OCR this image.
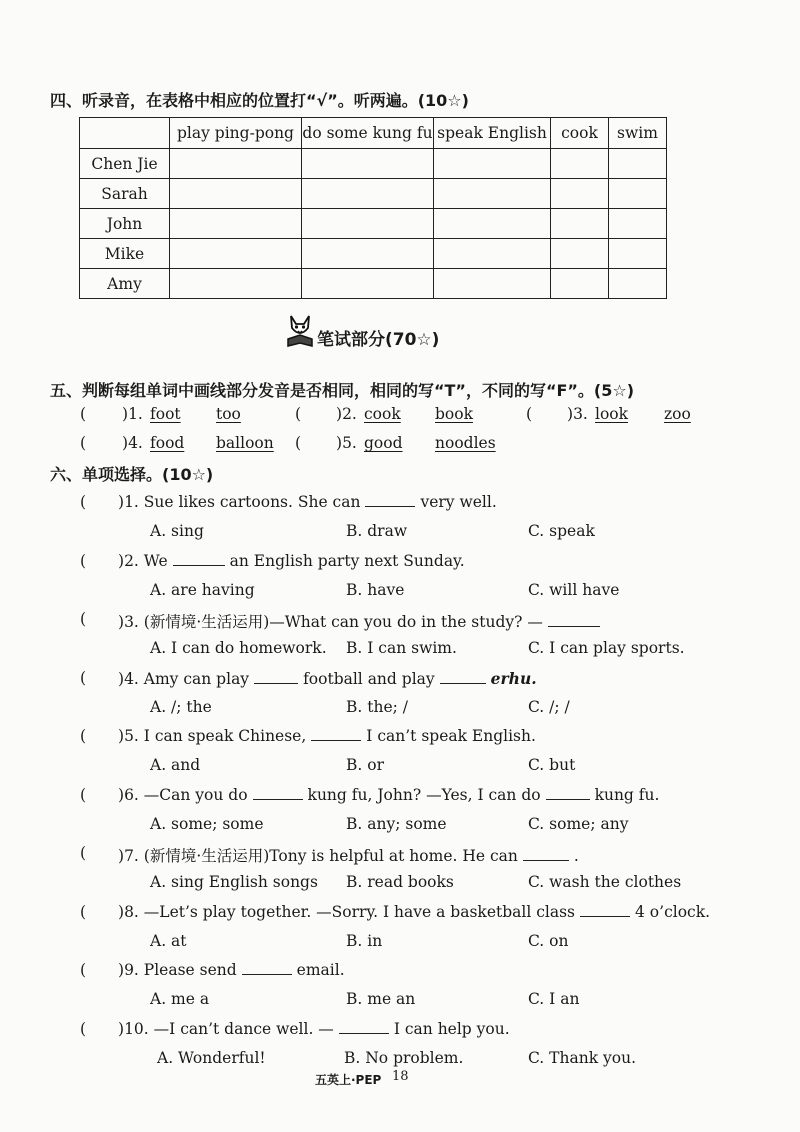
四、听录音，在表格中相应的位置打“√”。听两遍。(10☆)
	play ping-pong	do some kung fu	speak English	cook	swim
Chen Jie					
Sarah					
John					
Mike					
Amy					
笔试部分(70☆)
五、判断每组单词中画线部分发音是否相同，相同的写“T”，不同的写“F”。(5☆)
( )1. foot too	( )2. cook book	( )3. look zoo
( )4. food balloon ( )5. good noodles
六、单项选择。(10☆)
( )1. Sue likes cartoons. She can	very well.
A. sing	B. draw	C. speak
( )2. We	an English party next Sunday.
A. are having	B. have	C. will have
( )3. (新情境·生活运用)—What can you do in the study? —
A. I can do homework. B. I can swim.	C. I can play sports.
( )4. Amy can play	football and play	erhu.
A. /; the	B. the; /	C. /; /
( )5. I can speak Chinese,	I can’t speak English.
A. and	B. or	C. but
( )6. —Can you do	kung fu, John? —Yes, I can do	kung fu.
A. some; some	B. any; some	C. some; any
( )7. (新情境·生活运用)Tony is helpful at home. He can	.
A. sing English songs B. read books	C. wash the clothes
( )8. —Let’s play together. —Sorry. I have a basketball class	4 o’clock.
A. at	B. in	C. on
( )9. Please send	email.
A. me a	B. me an	C. I an
( )10. —I can’t dance well. —	I can help you.
A. Wonderful!	B. No problem.	C. Thank you.
五英上·PEP 18
